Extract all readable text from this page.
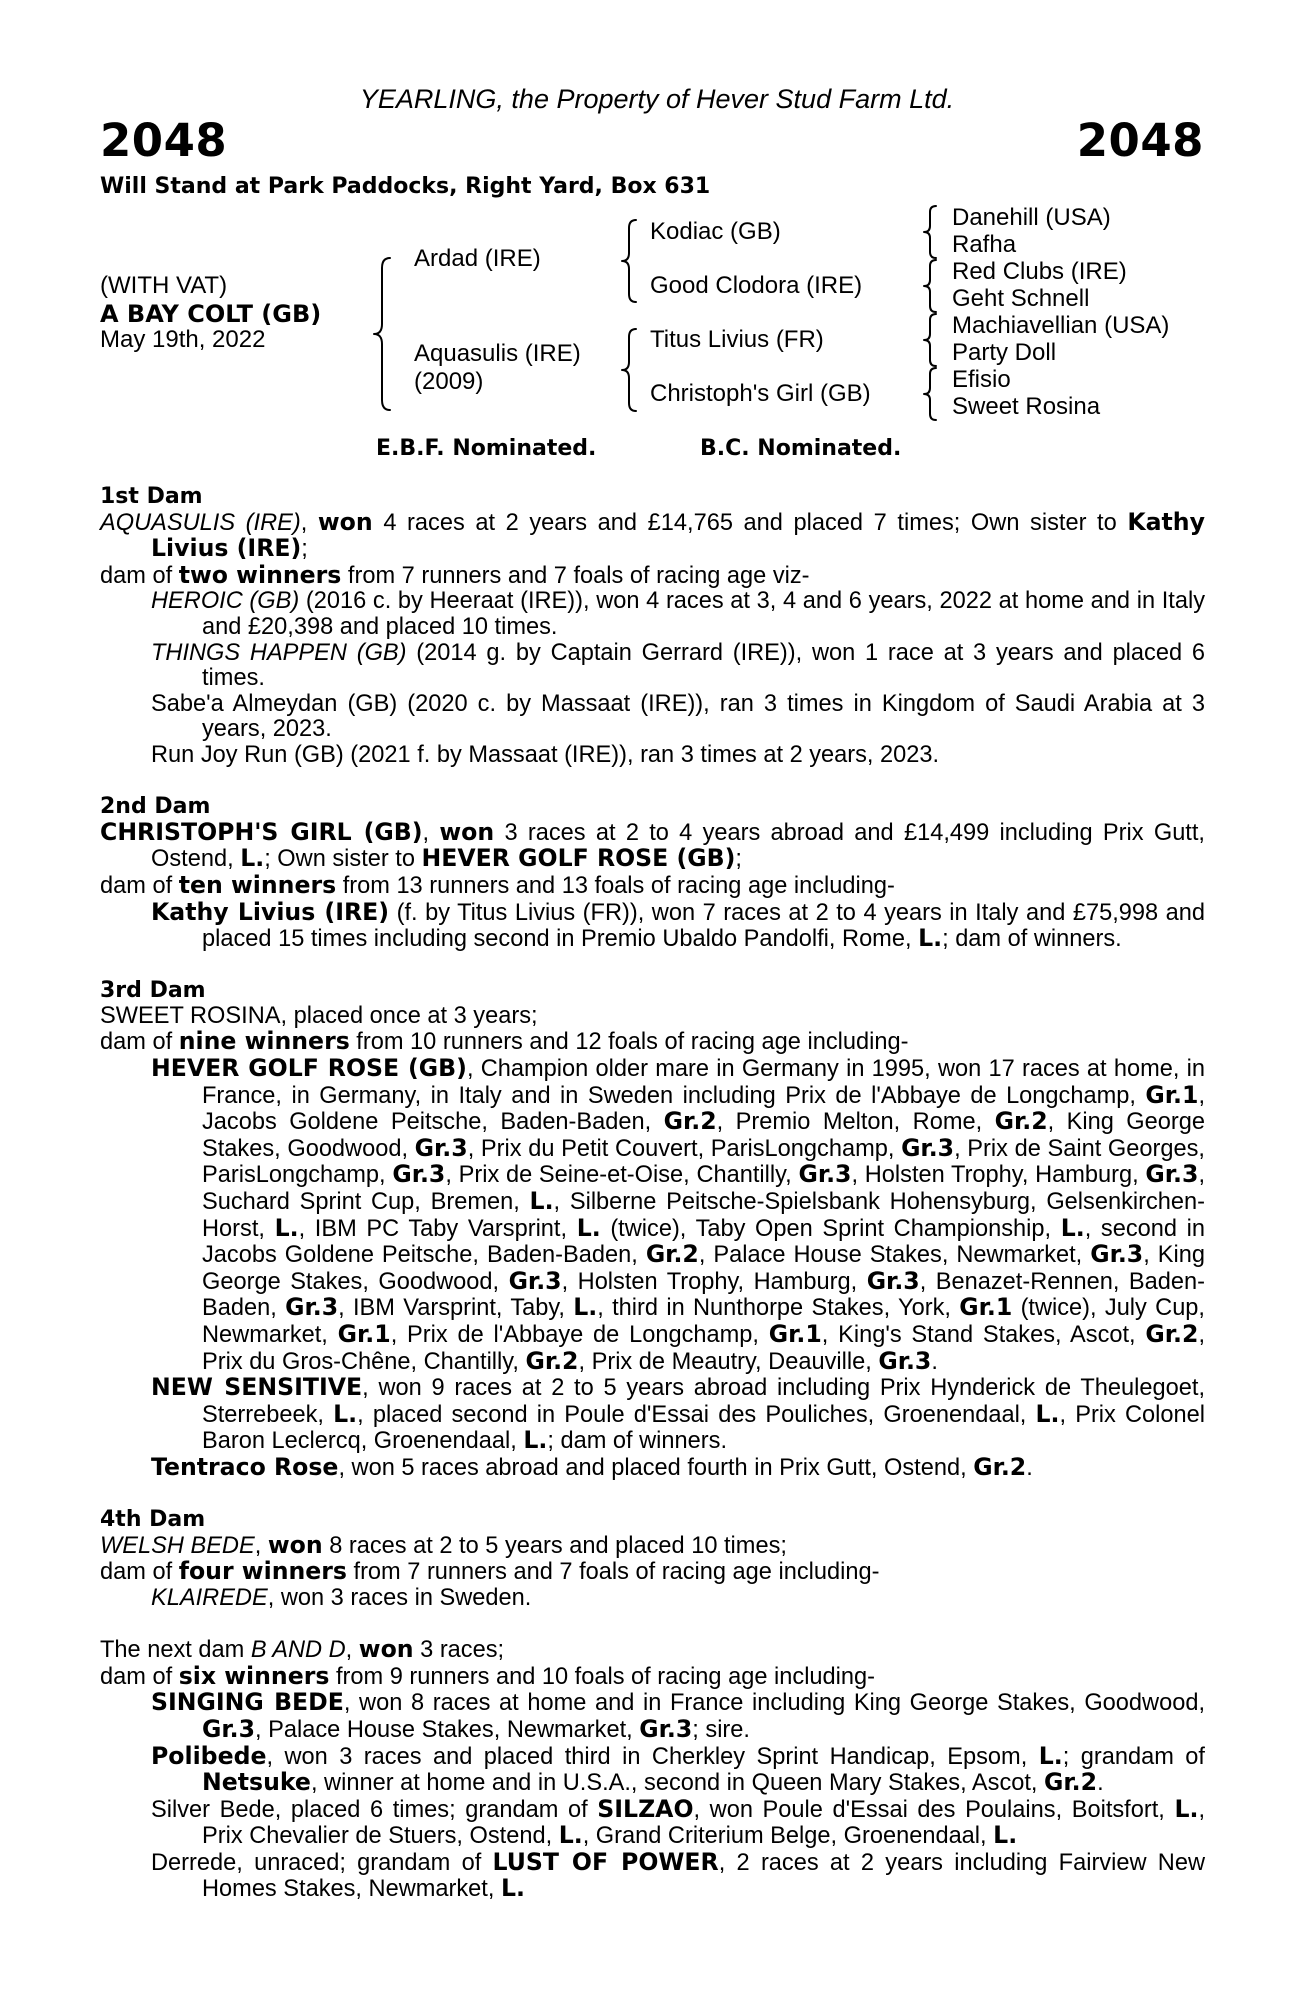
YEARLING, the Property of Hever Stud Farm Ltd.
2048	2048
Will Stand at Park Paddocks, Right Yard, Box 631
(WITH VAT)
A BAY COLT (GB)
May 19th, 2022
Ardad (IRE)
Aquasulis (IRE)
(2009)
Kodiac (GB)
Good Clodora (IRE)
Titus Livius (FR)
Christoph's Girl (GB)
Danehill (USA)
Rafha
Red Clubs (IRE)
Geht Schnell
Machiavellian (USA)
Party Doll
Efisio
Sweet Rosina
E.B.F. Nominated.	B.C. Nominated.

1st Dam

AQUASULIS (IRE), won 4 races at 2 years and £14,765 and placed 7 times; Own sister to Kathy Livius (IRE);

dam of two winners from 7 runners and 7 foals of racing age viz-

HEROIC (GB) (2016 c. by Heeraat (IRE)), won 4 races at 3, 4 and 6 years, 2022 at home and in Italy and £20,398 and placed 10 times.

THINGS HAPPEN (GB) (2014 g. by Captain Gerrard (IRE)), won 1 race at 3 years and placed 6 times.

Sabe'a Almeydan (GB) (2020 c. by Massaat (IRE)), ran 3 times in Kingdom of Saudi Arabia at 3 years, 2023.

Run Joy Run (GB) (2021 f. by Massaat (IRE)), ran 3 times at 2 years, 2023.

2nd Dam

CHRISTOPH'S GIRL (GB), won 3 races at 2 to 4 years abroad and £14,499 including Prix Gutt, Ostend, L.; Own sister to HEVER GOLF ROSE (GB);

dam of ten winners from 13 runners and 13 foals of racing age including-

Kathy Livius (IRE) (f. by Titus Livius (FR)), won 7 races at 2 to 4 years in Italy and £75,998 and placed 15 times including second in Premio Ubaldo Pandolfi, Rome, L.; dam of winners.

3rd Dam

SWEET ROSINA, placed once at 3 years;

dam of nine winners from 10 runners and 12 foals of racing age including-

HEVER GOLF ROSE (GB), Champion older mare in Germany in 1995, won 17 races at home, in France, in Germany, in Italy and in Sweden including Prix de l'Abbaye de Longchamp, Gr.1, Jacobs Goldene Peitsche, Baden-Baden, Gr.2, Premio Melton, Rome, Gr.2, King George Stakes, Goodwood, Gr.3, Prix du Petit Couvert, ParisLongchamp, Gr.3, Prix de Saint Georges, ParisLongchamp, Gr.3, Prix de Seine-et-Oise, Chantilly, Gr.3, Holsten Trophy, Hamburg, Gr.3, Suchard Sprint Cup, Bremen, L., Silberne Peitsche-Spielsbank Hohensyburg, Gelsenkirchen-Horst, L., IBM PC Taby Varsprint, L. (twice), Taby Open Sprint Championship, L., second in Jacobs Goldene Peitsche, Baden-Baden, Gr.2, Palace House Stakes, Newmarket, Gr.3, King George Stakes, Goodwood, Gr.3, Holsten Trophy, Hamburg, Gr.3, Benazet-Rennen, Baden-Baden, Gr.3, IBM Varsprint, Taby, L., third in Nunthorpe Stakes, York, Gr.1 (twice), July Cup, Newmarket, Gr.1, Prix de l'Abbaye de Longchamp, Gr.1, King's Stand Stakes, Ascot, Gr.2, Prix du Gros-Chêne, Chantilly, Gr.2, Prix de Meautry, Deauville, Gr.3.

NEW SENSITIVE, won 9 races at 2 to 5 years abroad including Prix Hynderick de Theulegoet, Sterrebeek, L., placed second in Poule d'Essai des Pouliches, Groenendaal, L., Prix Colonel Baron Leclercq, Groenendaal, L.; dam of winners.

Tentraco Rose, won 5 races abroad and placed fourth in Prix Gutt, Ostend, Gr.2.

4th Dam

WELSH BEDE, won 8 races at 2 to 5 years and placed 10 times;

dam of four winners from 7 runners and 7 foals of racing age including-

KLAIREDE, won 3 races in Sweden.

The next dam B AND D, won 3 races;

dam of six winners from 9 runners and 10 foals of racing age including-

SINGING BEDE, won 8 races at home and in France including King George Stakes, Goodwood, Gr.3, Palace House Stakes, Newmarket, Gr.3; sire.

Polibede, won 3 races and placed third in Cherkley Sprint Handicap, Epsom, L.; grandam of Netsuke, winner at home and in U.S.A., second in Queen Mary Stakes, Ascot, Gr.2.

Silver Bede, placed 6 times; grandam of SILZAO, won Poule d'Essai des Poulains, Boitsfort, L., Prix Chevalier de Stuers, Ostend, L., Grand Criterium Belge, Groenendaal, L.

Derrede, unraced; grandam of LUST OF POWER, 2 races at 2 years including Fairview New Homes Stakes, Newmarket, L.
